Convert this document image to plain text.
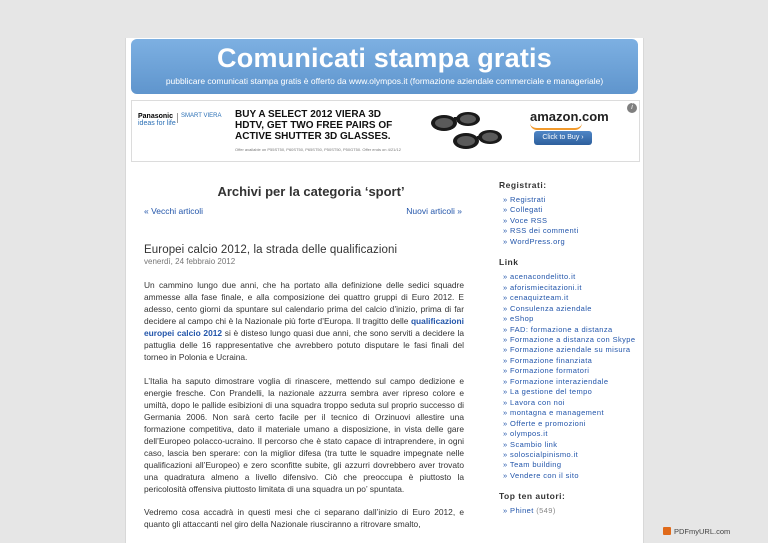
Comunicati stampa gratis
pubblicare comunicati stampa gratis è offerto da www.olympos.it (formazione aziendale commerciale e manageriale)
Panasonic
ideas for life
SMART VIERA BUY A SELECT 2012 VIERA 3D
HDTV, GET TWO FREE PAIRS OF
ACTIVE SHUTTER 3D GLASSES.
Offer available on P55ST50, P60ST50, P65ST50, P50ST50, P50GT50. Offer ends on 4/21/12
amazon.com
Click to Buy ›
i
Archivi per la categoria ‘sport’
« Vecchi articoli	Nuovi articoli »
Europei calcio 2012, la strada delle qualificazioni
venerdì, 24 febbraio 2012

Un cammino lungo due anni, che ha portato alla definizione delle sedici squadre ammesse alla fase finale, e alla composizione dei quattro gruppi di Euro 2012. E adesso, cento giorni da spuntare sul calendario prima del calcio d’inizio, prima di far decidere al campo chi è la Nazionale più forte d’Europa. Il tragitto delle qualificazioni europei calcio 2012 si è disteso lungo quasi due anni, che sono serviti a decidere la pattuglia delle 16 rappresentative che avrebbero potuto disputare le fasi finali del torneo in Polonia e Ucraina.

L’Italia ha saputo dimostrare voglia di rinascere, mettendo sul campo dedizione e energie fresche. Con Prandelli, la nazionale azzurra sembra aver ripreso colore e umiltà, dopo le pallide esibizioni di una squadra troppo seduta sul proprio successo di Germania 2006. Non sarà certo facile per il tecnico di Orzinuovi allestire una formazione competitiva, dato il materiale umano a disposizione, in vista delle gare dell’Europeo polacco-ucraino. Il percorso che è stato capace di intraprendere, in ogni caso, lascia ben sperare: con la miglior difesa (tra tutte le squadre impegnate nelle qualificazioni all’Europeo) e zero sconfitte subite, gli azzurri dovrebbero aver trovato una quadratura almeno a livello difensivo. Ciò che preoccupa è piuttosto la pericolosità offensiva piuttosto limitata di una squadra un po’ spuntata.

Vedremo cosa accadrà in questi mesi che ci separano dall’inizio di Euro 2012, e quanto gli attaccanti nel giro della Nazionale riusciranno a ritrovare smalto,

Registrati:
» Registrati
» Collegati
» Voce RSS
» RSS dei commenti
» WordPress.org
Link
» acenacondelitto.it
» aforismiecitazioni.it
» cenaquizteam.it
» Consulenza aziendale
» eShop
» FAD: formazione a distanza
» Formazione a distanza con Skype
» Formazione aziendale su misura
» Formazione finanziata
» Formazione formatori
» Formazione interaziendale
» La gestione del tempo
» Lavora con noi
» montagna e management
» Offerte e promozioni
» olympos.it
» Scambio link
» soloscialpinismo.it
» Team building
» Vendere con il sito
Top ten autori:
» Phinet (549)
PDFmyURL.com
